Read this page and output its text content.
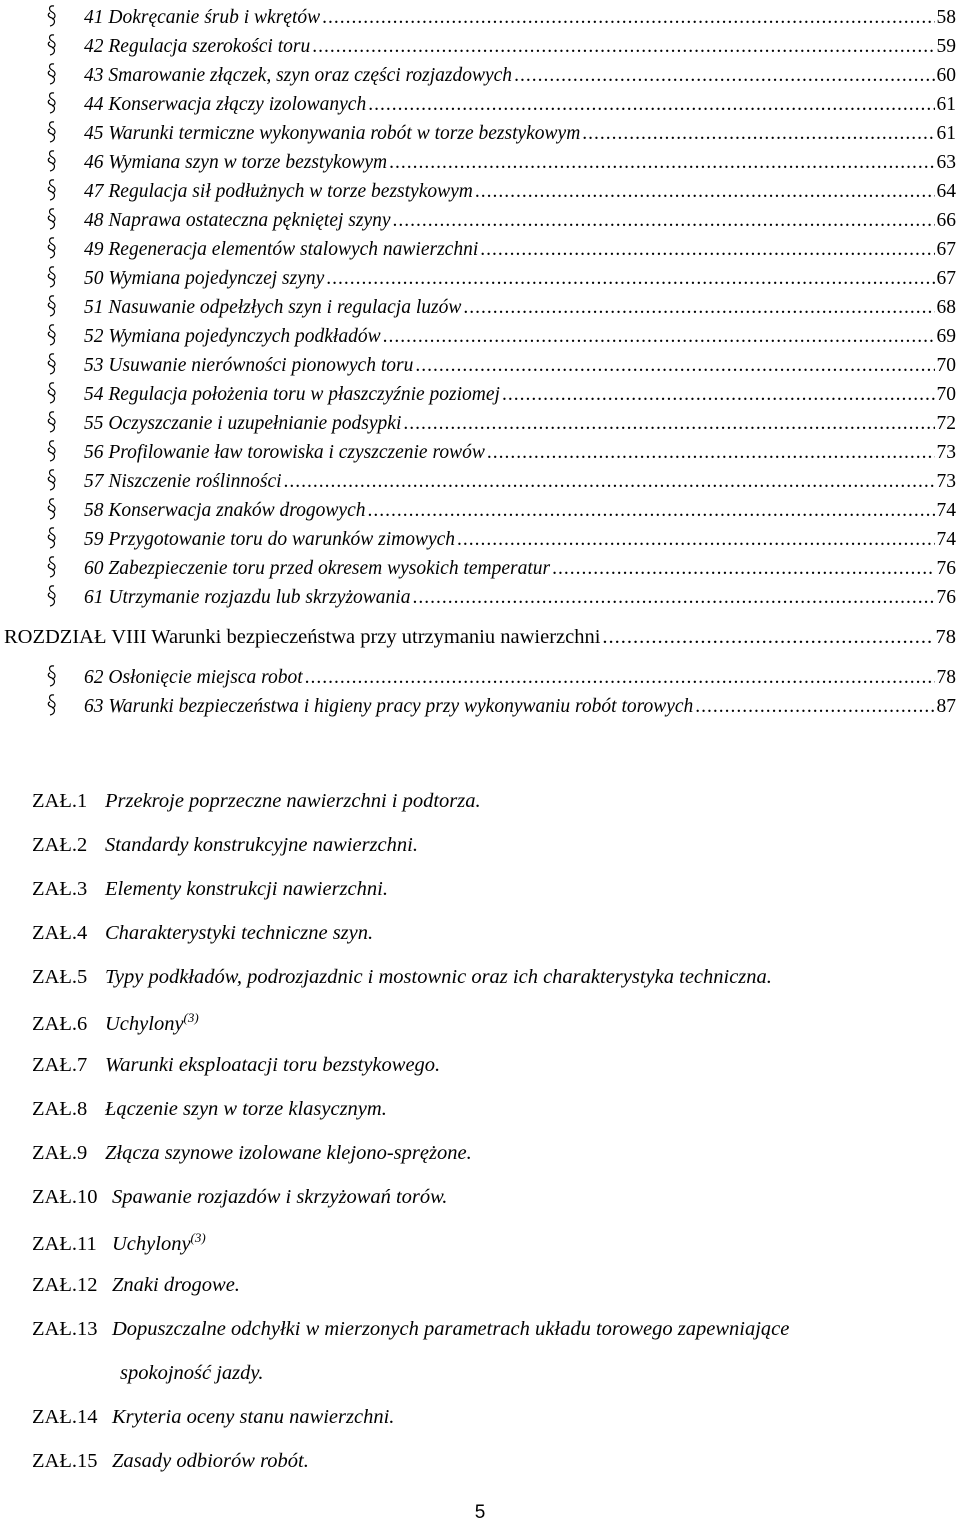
41 Dokręcanie śrub i wkrętów .....	58
42 Regulacja szerokości toru .....	59
43 Smarowanie złączek, szyn oraz części rozjazdowych .....	60
44 Konserwacja złączy izolowanych .....	61
45 Warunki termiczne wykonywania robót w torze bezstykowym .....	61
46 Wymiana szyn w torze bezstykowym .....	63
47 Regulacja sił podłużnych w torze bezstykowym .....	64
48 Naprawa ostateczna pękniętej szyny .....	66
49 Regeneracja elementów stalowych nawierzchni .....	67
50 Wymiana pojedynczej szyny .....	67
51 Nasuwanie odpełzłych szyn i regulacja luzów .....	68
52 Wymiana pojedynczych podkładów .....	69
53 Usuwanie nierówności pionowych toru .....	70
54 Regulacja położenia toru w płaszczyźnie poziomej .....	70
55 Oczyszczanie i uzupełnianie podsypki .....	72
56 Profilowanie ław torowiska i czyszczenie rowów .....	73
57 Niszczenie roślinności .....	73
58 Konserwacja znaków drogowych .....	74
59 Przygotowanie toru do warunków zimowych .....	74
60 Zabezpieczenie toru przed okresem wysokich temperatur .....	76
61 Utrzymanie rozjazdu lub skrzyżowania .....	76
ROZDZIAŁ VIII Warunki bezpieczeństwa przy utrzymaniu nawierzchni .....	78
62 Osłonięcie miejsca robot .....	78
63 Warunki bezpieczeństwa i higieny pracy przy wykonywaniu robót torowych .....	87
ZAŁ.1 Przekroje poprzeczne nawierzchni i podtorza.
ZAŁ.2 Standardy konstrukcyjne nawierzchni.
ZAŁ.3 Elementy konstrukcji nawierzchni.
ZAŁ.4 Charakterystyki techniczne szyn.
ZAŁ.5 Typy podkładów, podrozjazdnic i mostownic oraz ich charakterystyka techniczna.
ZAŁ.6 Uchylony$^{(3)}$
ZAŁ.7 Warunki eksploatacji toru bezstykowego.
ZAŁ.8 Łączenie szyn w torze klasycznym.
ZAŁ.9 Złącza szynowe izolowane klejono-sprężone.
ZAŁ.10 Spawanie rozjazdów i skrzyżowań torów.
ZAŁ.11 Uchylony$^{(3)}$
ZAŁ.12 Znaki drogowe.
ZAŁ.13 Dopuszczalne odchyłki w mierzonych parametrach układu torowego zapewniające
spokojność jazdy.
ZAŁ.14 Kryteria oceny stanu nawierzchni.
ZAŁ.15 Zasady odbiorów robót.
5
